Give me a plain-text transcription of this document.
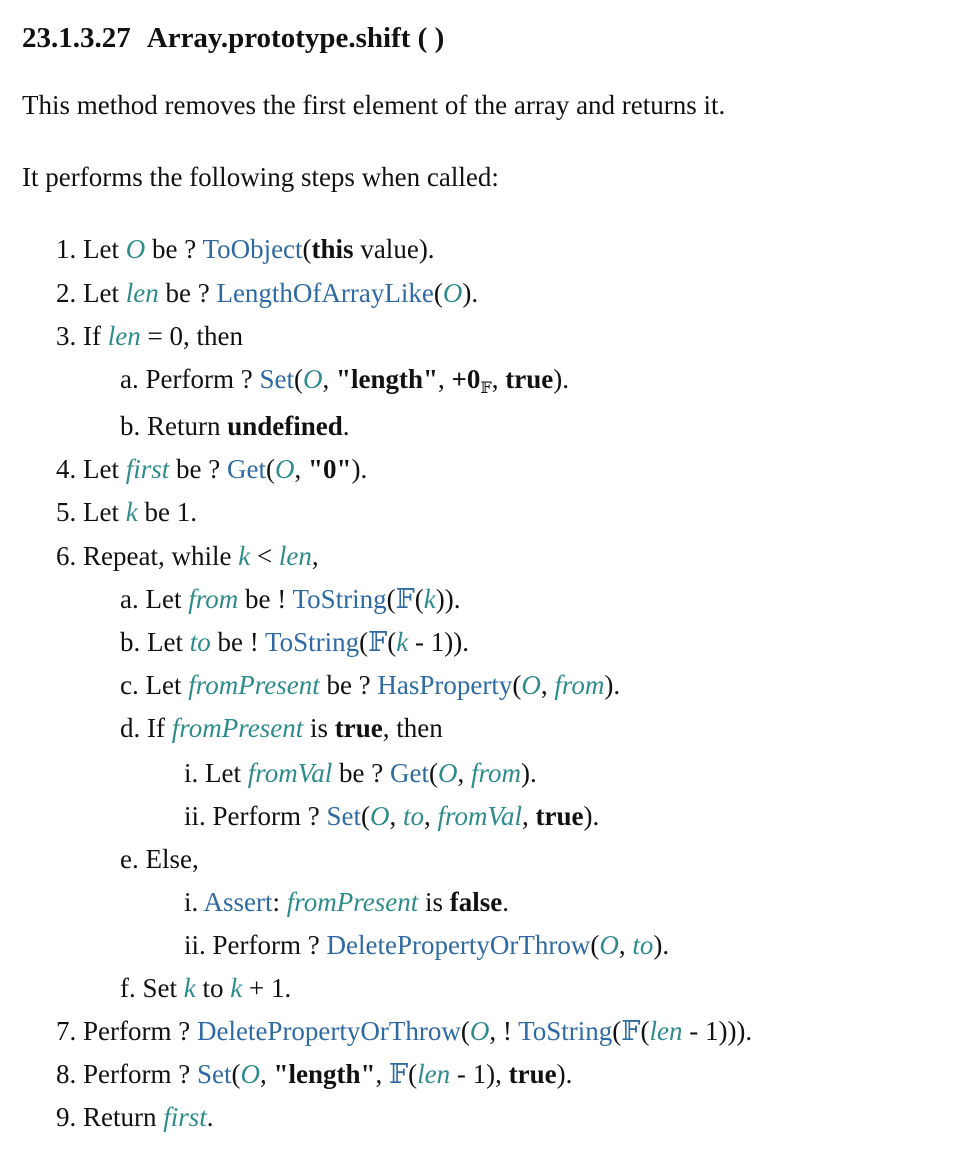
23.1.3.27 Array.prototype.shift ( )
This method removes the first element of the array and returns it.
It performs the following steps when called:
1. Let O be ? ToObject(this value).
2. Let len be ? LengthOfArrayLike(O).
3. If len = 0, then
a. Perform ? Set(O, "length", +0𝔽, true).
b. Return undefined.
4. Let first be ? Get(O, "0").
5. Let k be 1.
6. Repeat, while k < len,
a. Let from be ! ToString(𝔽(k)).
b. Let to be ! ToString(𝔽(k - 1)).
c. Let fromPresent be ? HasProperty(O, from).
d. If fromPresent is true, then
i. Let fromVal be ? Get(O, from).
ii. Perform ? Set(O, to, fromVal, true).
e. Else,
i. Assert: fromPresent is false.
ii. Perform ? DeletePropertyOrThrow(O, to).
f. Set k to k + 1.
7. Perform ? DeletePropertyOrThrow(O, ! ToString(𝔽(len - 1))).
8. Perform ? Set(O, "length", 𝔽(len - 1), true).
9. Return first.
